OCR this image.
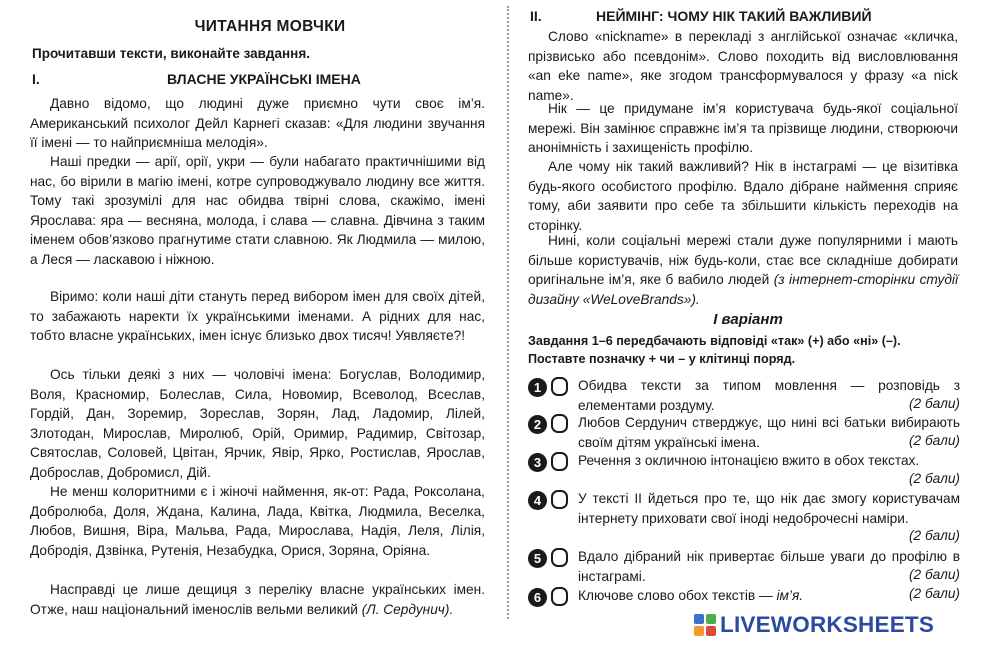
ЧИТАННЯ МОВЧКИ
Прочитавши тексти, виконайте завдання.
I.	ВЛАСНЕ УКРАЇНСЬКІ ІМЕНА

Давно відомо, що людині дуже приємно чути своє ім’я. Американський психолог Дейл Карнегі сказав: «Для людини звучання її імені — то найприємніша мелодія».

Наші предки — арії, орії, укри — були набагато практичнішими від нас, бо вірили в магію імені, котре супроводжувало людину все життя. Тому такі зрозумілі для нас обидва твірні слова, скажімо, імені Ярослава: яра — весняна, молода, і слава — славна. Дівчина з таким іменем обов’язково прагнутиме стати славною. Як Людмила — милою, а Леся — ласкавою і ніжною.

Віримо: коли наші діти стануть перед вибором імен для своїх дітей, то забажають наректи їх українськими іменами. А рідних для нас, тобто власне українських, імен існує близько двох тисяч! Уявляєте?!

Ось тільки деякі з них — чоловічі імена: Богуслав, Володимир, Воля, Красномир, Болеслав, Сила, Новомир, Всеволод, Всеслав, Гордій, Дан, Зоремир, Зореслав, Зорян, Лад, Ладомир, Лілей, Злотодан, Мирослав, Миролюб, Орій, Оримир, Радимир, Світозар, Святослав, Соловей, Цвітан, Ярчик, Явір, Ярко, Ростислав, Ярослав, Доброслав, Добромисл, Дій.

Не менш колоритними є і жіночі наймення, як-от: Рада, Роксолана, Добролюба, Доля, Ждана, Калина, Лада, Квітка, Людмила, Веселка, Любов, Вишня, Віра, Мальва, Рада, Мирослава, Надія, Леля, Лілія, Добродія, Дзвінка, Рутенія, Незабудка, Орися, Зоряна, Оріяна.

Насправді це лише дещиця з переліку власне українських імен. Отже, наш національний іменослів вельми великий (Л. Сердунич).

II.	НЕЙМІНГ: ЧОМУ НІК ТАКИЙ ВАЖЛИВИЙ

Слово «nickname» в перекладі з англійської означає «кличка, прізвисько або псевдонім». Слово походить від висловлювання «an eke name», яке згодом трансформувалося у фразу «a nick name».

Нік — це придумане ім’я користувача будь-якої соціальної мережі. Він замінює справжнє ім’я та прізвище людини, створюючи анонімність і захищеність профілю.

Але чому нік такий важливий? Нік в інстаграмі — це візитівка будь-якого особистого профілю. Вдало дібране наймення сприяє тому, аби заявити про себе та збільшити кількість переходів на сторінку.

Нині, коли соціальні мережі стали дуже популярними і мають більше користувачів, ніж будь-коли, стає все складніше добирати оригінальне ім’я, яке б вабило людей (з інтернет-сторінки студії дизайну «WeLoveBrands»).

І варіант
Завдання 1–6 передбачають відповіді «так» (+) або «ні» (–).
Поставте позначку + чи – у клітинці поряд.
1	Обидва тексти за типом мовлення — розповідь з елементами роздуму.	(2 бали)
2	Любов Сердунич стверджує, що нині всі батьки вибирають своїм дітям українські імена.	(2 бали)
3	Речення з окличною інтонацією вжито в обох текстах.
(2 бали)
4	У тексті II йдеться про те, що нік дає змогу користувачам інтернету приховати свої іноді недоброчесні наміри.
(2 бали)
5	Вдало дібраний нік привертає більше уваги до профілю в інстаграмі.	(2 бали)
6	Ключове слово обох текстів — ім’я.	(2 бали)
LIVEWORKSHEETS
